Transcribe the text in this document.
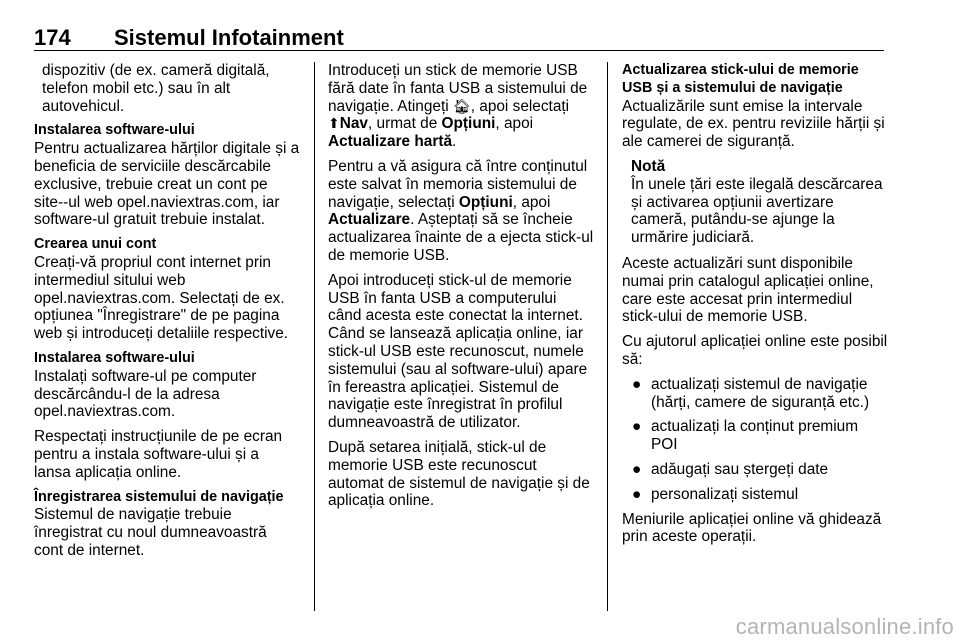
174 Sistemul Infotainment

dispozitiv (de ex. cameră digitală, telefon mobil etc.) sau în alt autovehicul.

Instalarea software-ului

Pentru actualizarea hărților digitale și a beneficia de serviciile descărcabile exclusive, trebuie creat un cont pe site--ul web opel.naviextras.com, iar software-ul gratuit trebuie instalat.

Crearea unui cont

Creați-vă propriul cont internet prin intermediul sitului web opel.naviextras.com. Selectați de ex. opțiunea "Înregistrare" de pe pagina web și introduceți detaliile respective.

Instalarea software-ului

Instalați software-ul pe computer descărcându-l de la adresa opel.naviextras.com.

Respectați instrucțiunile de pe ecran pentru a instala software-ului și a lansa aplicația online.

Înregistrarea sistemului de navigație

Sistemul de navigație trebuie înregistrat cu noul dumneavoastră cont de internet.

Introduceți un stick de memorie USB fără date în fanta USB a sistemului de navigație. Atingeți 🏠︎, apoi selectați
⬆︎Nav, urmat de Opțiuni, apoi
Actualizare hartă.

Pentru a vă asigura că între conținutul este salvat în memoria sistemului de navigație, selectați Opțiuni, apoi
Actualizare. Așteptați să se încheie actualizarea înainte de a ejecta stick-ul de memorie USB.

Apoi introduceți stick-ul de memorie USB în fanta USB a computerului când acesta este conectat la internet. Când se lansează aplicația online, iar stick-ul USB este recunoscut, numele sistemului (sau al software-ului) apare în fereastra aplicației. Sistemul de navigație este înregistrat în profilul dumneavoastră de utilizator.

După setarea inițială, stick-ul de memorie USB este recunoscut automat de sistemul de navigație și de aplicația online.

Actualizarea stick-ului de memorie USB și a sistemului de navigație

Actualizările sunt emise la intervale regulate, de ex. pentru reviziile hărții și ale camerei de siguranță.

Notă
În unele țări este ilegală descărcarea și activarea opțiunii avertizare cameră, putându-se ajunge la urmărire judiciară.

Aceste actualizări sunt disponibile numai prin catalogul aplicației online, care este accesat prin intermediul stick-ului de memorie USB.

Cu ajutorul aplicației online este posibil să:

● actualizați sistemul de navigație (hărți, camere de siguranță etc.)
● actualizați la conținut premium POI
● adăugați sau ștergeți date
● personalizați sistemul

Meniurile aplicației online vă ghidează prin aceste operații.

carmanualsonline.info
